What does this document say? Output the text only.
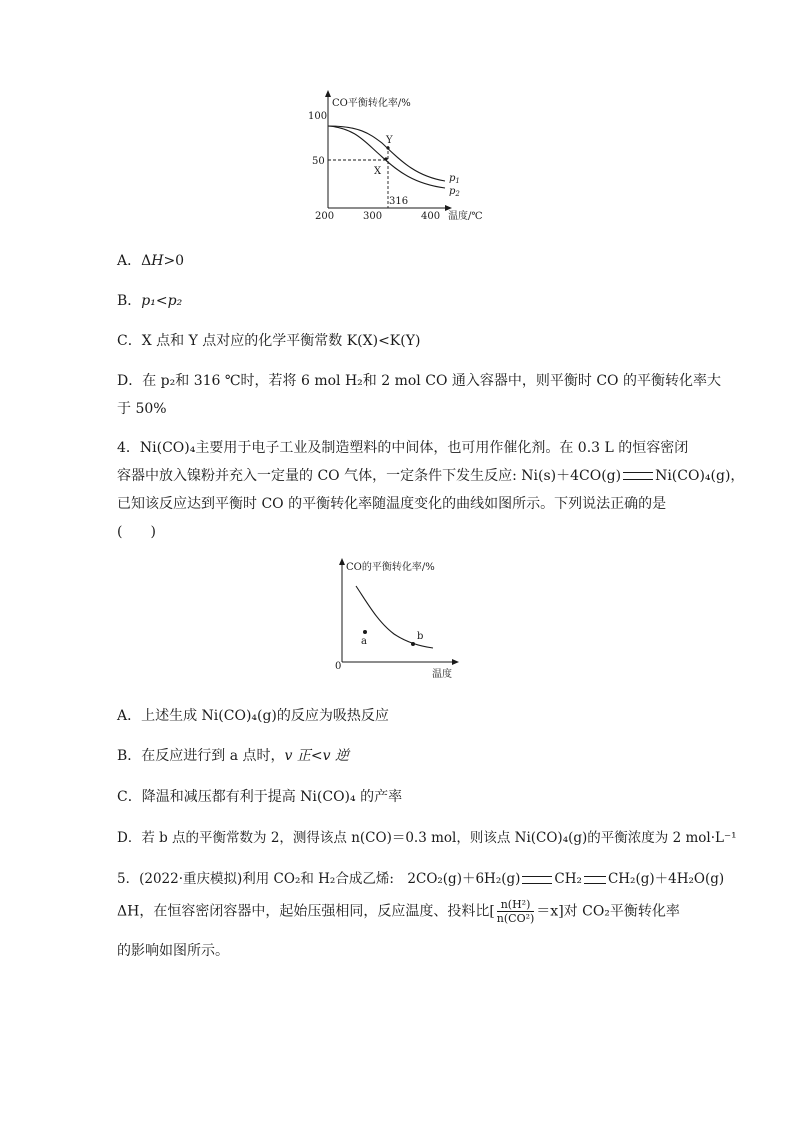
CO平衡转化率/%
100
50
Y
X
$p_1$
$p_2$
316
200	300	400 温度/℃
A．ΔH>0
B．p₁<p₂
C．X 点和 Y 点对应的化学平衡常数 K(X)<K(Y)
D．在 p₂和 316 ℃时，若将 6 mol H₂和 2 mol CO 通入容器中，则平衡时 CO 的平衡转化率大
于 50%
4．Ni(CO)₄主要用于电子工业及制造塑料的中间体，也可用作催化剂。在 0.3 L 的恒容密闭
容器中放入镍粉并充入一定量的 CO 气体，一定条件下发生反应: Ni(s)＋4CO(g) Ni(CO)₄(g)，
已知该反应达到平衡时 CO 的平衡转化率随温度变化的曲线如图所示。下列说法正确的是
(　　)
CO的平衡转化率/%
0
温度
a	b
A．上述生成 Ni(CO)₄(g)的反应为吸热反应
B．在反应进行到 a 点时，v 正<v 逆
C．降温和减压都有利于提高 Ni(CO)₄ 的产率
D．若 b 点的平衡常数为 2，测得该点 n(CO)＝0.3 mol，则该点 Ni(CO)₄(g)的平衡浓度为 2 mol·L⁻¹
5．(2022·重庆模拟)利用 CO₂和 H₂合成乙烯:　2CO₂(g)＋6H₂(g)	CH₂ CH₂(g)＋4H₂O(g)
ΔH，在恒容密闭容器中，起始压强相同，反应温度、投料比[ $\frac{\text{n(H²)}}{\text{n(CO²)}} =x$]对 CO₂平衡转化率
的影响如图所示。
